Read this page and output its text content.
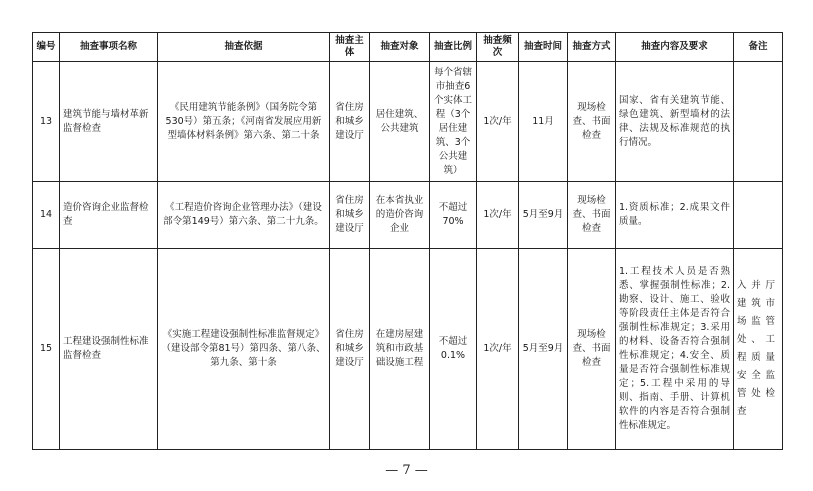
编号	抽查事项名称	抽查依据	抽查主体	抽查对象	抽查比例	抽查频次	抽查时间	抽查方式	抽查内容及要求	备注
13	建筑节能与墙材革新监督检查	《民用建筑节能条例》（国务院令第530号）第五条；《河南省发展应用新型墙体材料条例》第六条、第二十条	省住房和城乡建设厅	居住建筑、公共建筑	每个省辖市抽查6个实体工程（3个居住建筑、3个公共建筑）	1次/年	11月	现场检查、书面检查	国家、省有关建筑节能、绿色建筑、新型墙材的法律、法规及标准规范的执行情况。	
14	造价咨询企业监督检查	《工程造价咨询企业管理办法》（建设部令第149号）第六条、第二十九条。	省住房和城乡建设厅	在本省执业的造价咨询企业	不超过70%	1次/年	5月至9月	现场检查、书面检查	1.资质标准；2.成果文件质量。	
15	工程建设强制性标准监督检查	《实施工程建设强制性标准监督规定》（建设部令第81号）第四条、第八条、第九条、第十条	省住房和城乡建设厅	在建房屋建筑和市政基础设施工程	不超过0.1%	1次/年	5月至9月	现场检查、书面检查	1.工程技术人员是否熟悉、掌握强制性标准；2.勘察、设计、施工、验收等阶段责任主体是否符合强制性标准规定；3.采用的材料、设备否符合强制性标准规定；4.安全、质量是否符合强制性标准规定；5.工程中采用的导则、指南、手册、计算机软件的内容是否符合强制性标准规定。	入并厅建筑市场监管处、工程质量安全监管处检查
— 7 —
